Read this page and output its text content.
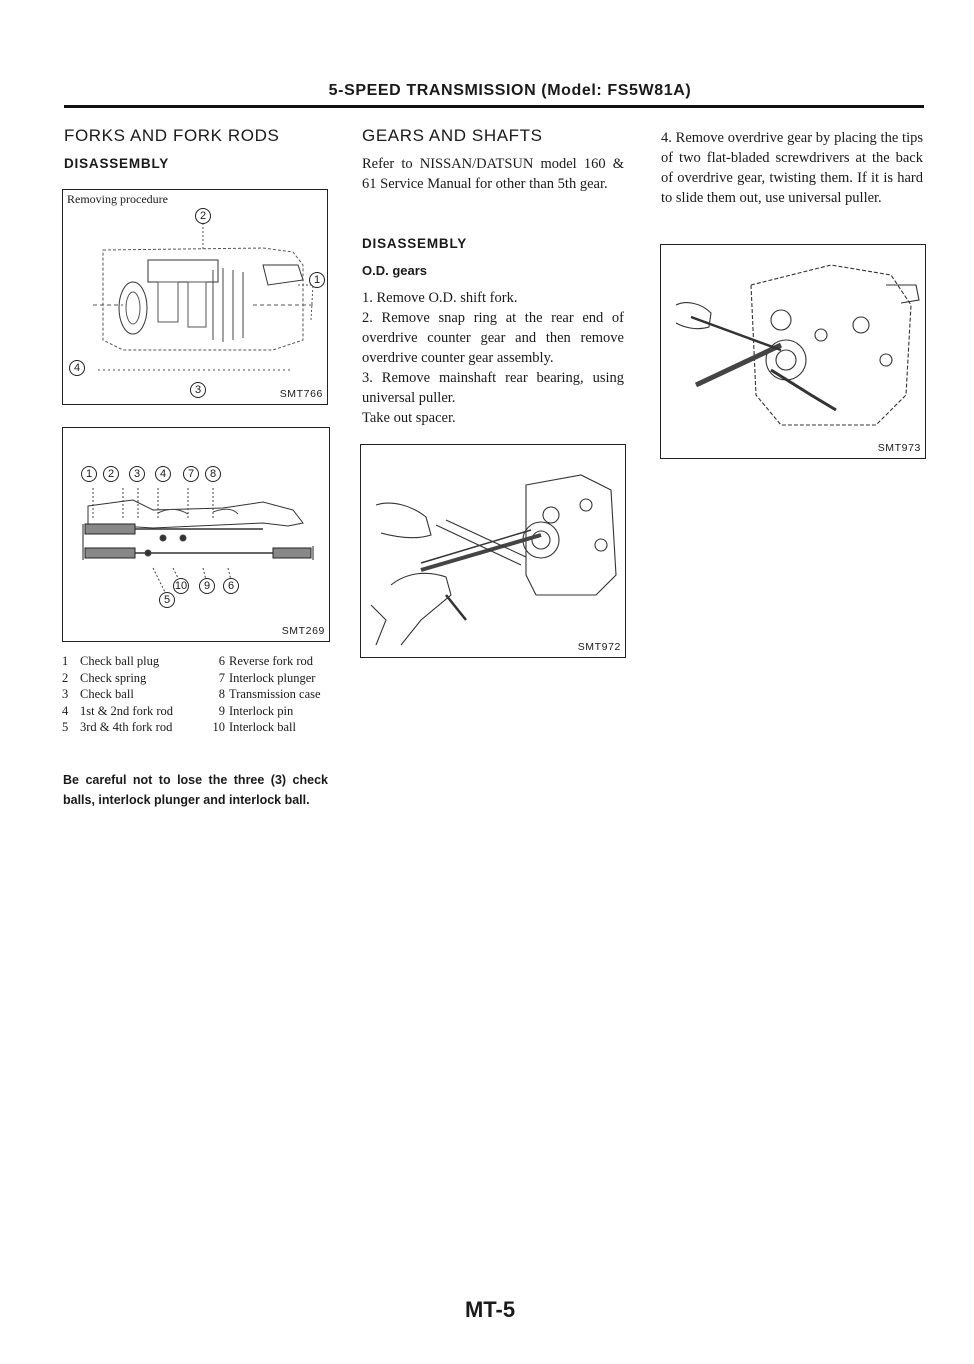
5-SPEED TRANSMISSION (Model: FS5W81A)
FORKS AND FORK RODS
DISASSEMBLY
Removing procedure
2
1
4
3	SMT766
1	2	3	4	7	8
10	9	6
5
SMT269
1 Check ball plug	6 Reverse fork rod
2 Check spring	7 Interlock plunger
3 Check ball	8 Transmission case
4 1st & 2nd fork rod	9 Interlock pin
5 3rd & 4th fork rod	10 Interlock ball
Be careful not to lose the three (3) check balls, interlock plunger and interlock ball.
GEARS AND SHAFTS
Refer to NISSAN/DATSUN model 160 & 61 Service Manual for other than 5th gear.
DISASSEMBLY
O.D. gears
1. Remove O.D. shift fork.
2. Remove snap ring at the rear end of overdrive counter gear and then remove overdrive counter gear assembly.
3. Remove mainshaft rear bearing, using universal puller.
Take out spacer.
SMT972
4. Remove overdrive gear by placing the tips of two flat-bladed screwdrivers at the back of overdrive gear, twisting them. If it is hard to slide them out, use universal puller.
SMT973
MT-5
